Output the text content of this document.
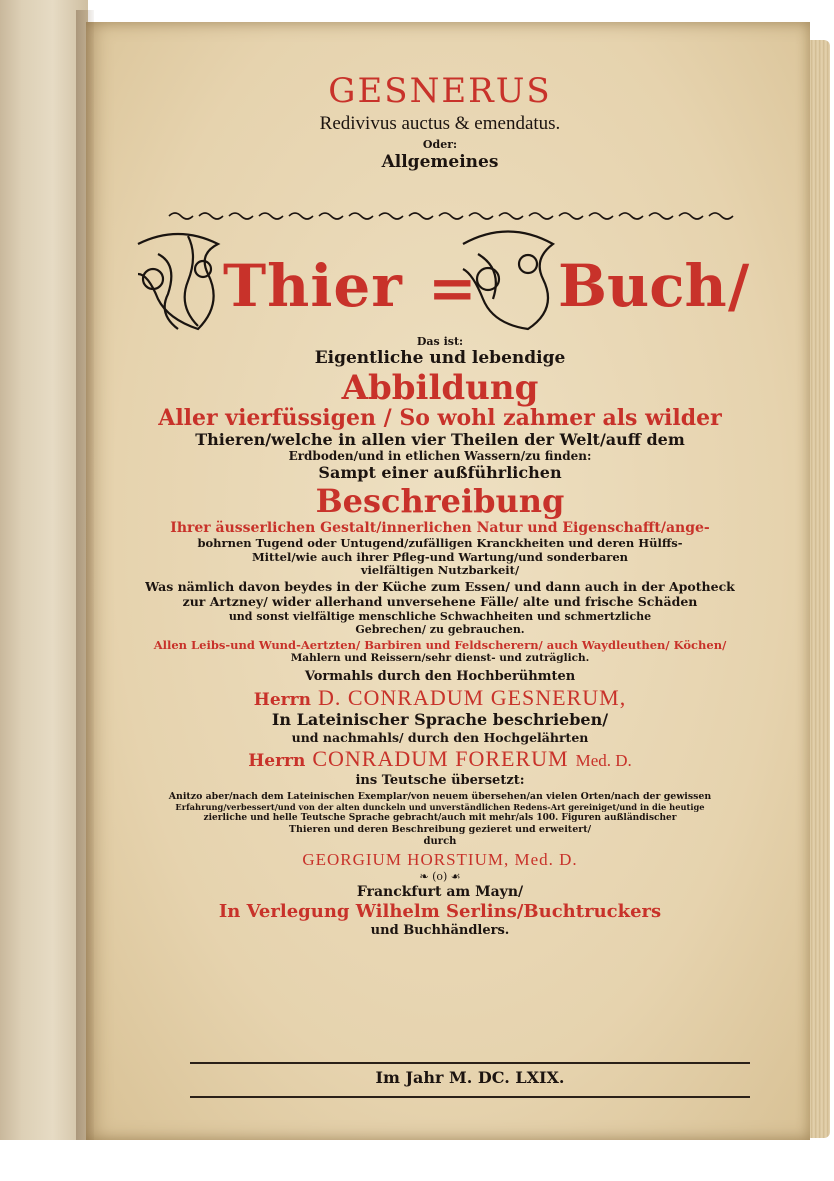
GESNERUS
Redivivus auctus & emendatus.
Oder:
Allgemeines
Thier = Buch /
Das ist:
Eigentliche und lebendige
Abbildung
Aller vierfüssigen / So wohl zahmer als wilder
Thieren/welche in allen vier Theilen der Welt/auff dem
Erdboden/und in etlichen Wassern/zu finden:
Sampt einer außführlichen
Beschreibung
Ihrer äusserlichen Gestalt/innerlichen Natur und Eigenschafft/ange-
bohrnen Tugend oder Untugend/zufälligen Kranckheiten und deren Hülffs-
Mittel/wie auch ihrer Pfleg-und Wartung/und sonderbaren
vielfältigen Nutzbarkeit/
Was nämlich davon beydes in der Küche zum Essen/ und dann auch in der Apotheck
zur Artzney/ wider allerhand unversehene Fälle/ alte und frische Schäden
und sonst vielfältige menschliche Schwachheiten und schmertzliche
Gebrechen/ zu gebrauchen.
Allen Leibs-und Wund-Aertzten/ Barbiren und Feldscherern/ auch Waydleuthen/ Köchen/
Mahlern und Reissern/sehr dienst- und zuträglich.
Vormahls durch den Hochberühmten
Herrn D. CONRADUM GESNERUM,
In Lateinischer Sprache beschrieben/
und nachmahls/ durch den Hochgelährten
Herrn CONRADUM FORERUM Med. D.
ins Teutsche übersetzt:
Anitzo aber/nach dem Lateinischen Exemplar/von neuem übersehen/an vielen Orten/nach der gewissen
Erfahrung/verbessert/und von der alten dunckeln und unverständlichen Redens-Art gereiniget/und in die heutige
zierliche und helle Teutsche Sprache gebracht/auch mit mehr/als 100. Figuren außländischer
Thieren und deren Beschreibung gezieret und erweitert/
durch
GEORGIUM HORSTIUM, Med. D.
❧ (o) ☙
Franckfurt am Mayn/
In Verlegung Wilhelm Serlins/Buchtruckers
und Buchhändlers.
Im Jahr M. DC. LXIX.
